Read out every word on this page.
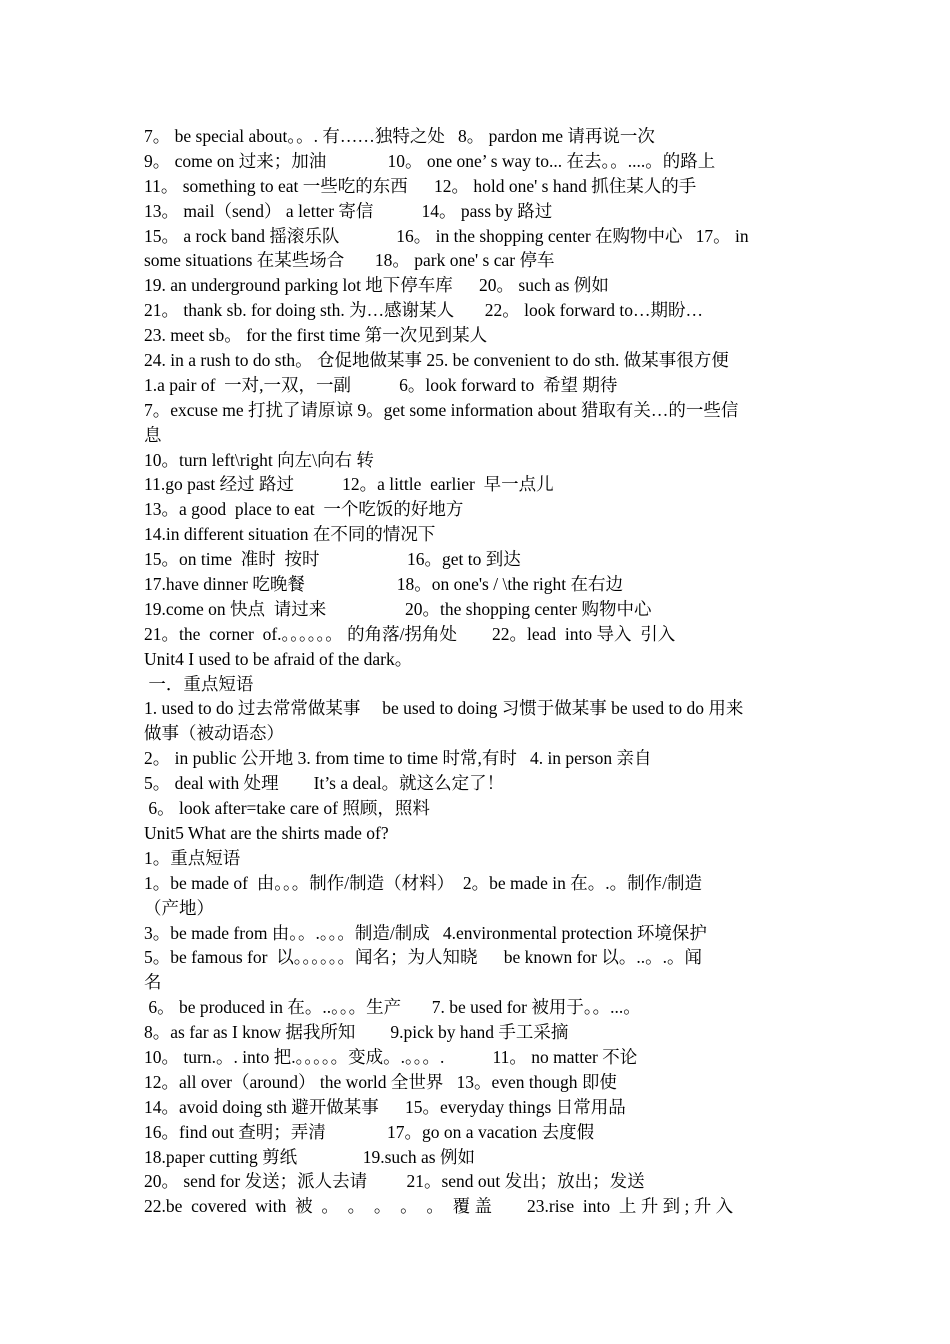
7。 be special about。。. 有……独特之处   8。 pardon me 请再说一次
9。 come on 过来；加油              10。 one one’ s way to... 在去。。....。的路上
11。 something to eat 一些吃的东西      12。 hold one' s hand 抓住某人的手
13。 mail（send） a letter 寄信           14。 pass by 路过
15。 a rock band 摇滚乐队             16。 in the shopping center 在购物中心   17。 in
some situations 在某些场合       18。 park one' s car 停车
19. an underground parking lot 地下停车库      20。 such as 例如
21。 thank sb. for doing sth. 为…感谢某人       22。 look forward to…期盼…
23. meet sb。 for the first time 第一次见到某人
24. in a rush to do sth。 仓促地做某事 25. be convenient to do sth. 做某事很方便
1.a pair of  一对,一双，一副           6。look forward to  希望 期待
7。excuse me 打扰了请原谅 9。get some information about 猎取有关…的一些信
息
10。turn left\right 向左\向右 转
11.go past 经过 路过           12。a little  earlier  早一点儿
13。a good  place to eat  一个吃饭的好地方
14.in different situation 在不同的情况下
15。on time  准时  按时                    16。get to 到达
17.have dinner 吃晚餐                     18。on one's / \the right 在右边
19.come on 快点  请过来                  20。the shopping center 购物中心
21。the  corner  of.。。。。。。 的角落/拐角处        22。lead  into 导入  引入
Unit4 I used to be afraid of the dark。
一．重点短语
1. used to do 过去常常做某事     be used to doing 习惯于做某事 be used to do 用来
做事（被动语态）
2。 in public 公开地 3. from time to time 时常,有时   4. in person 亲自
5。 deal with 处理        It’s a deal。就这么定了！
6。 look after=take care of 照顾，照料
Unit5 What are the shirts made of?
1。重点短语
1。be made of  由。。。制作/制造（材料）  2。be made in 在。.。制作/制造
（产地）
3。be made from 由。。.。。。制造/制成   4.environmental protection 环境保护
5。be famous for  以。。。。。。闻名；为人知晓      be known for 以。..。.。闻
名
6。 be produced in 在。..。。。生产       7. be used for 被用于。。...。
8。as far as I know 据我所知        9.pick by hand 手工采摘
10。 turn.。. into 把.。。。。。变成。.。。。.           11。 no matter 不论
12。all over（around） the world 全世界   13。even though 即使
14。avoid doing sth 避开做某事      15。everyday things 日常用品
16。find out 查明；弄清              17。go on a vacation 去度假
18.paper cutting 剪纸               19.such as 例如
20。 send for 发送；派人去请         21。send out 发出；放出；发送
22.be  covered  with  被  。  。  。  。  。  覆 盖        23.rise  into  上 升 到 ; 升 入
